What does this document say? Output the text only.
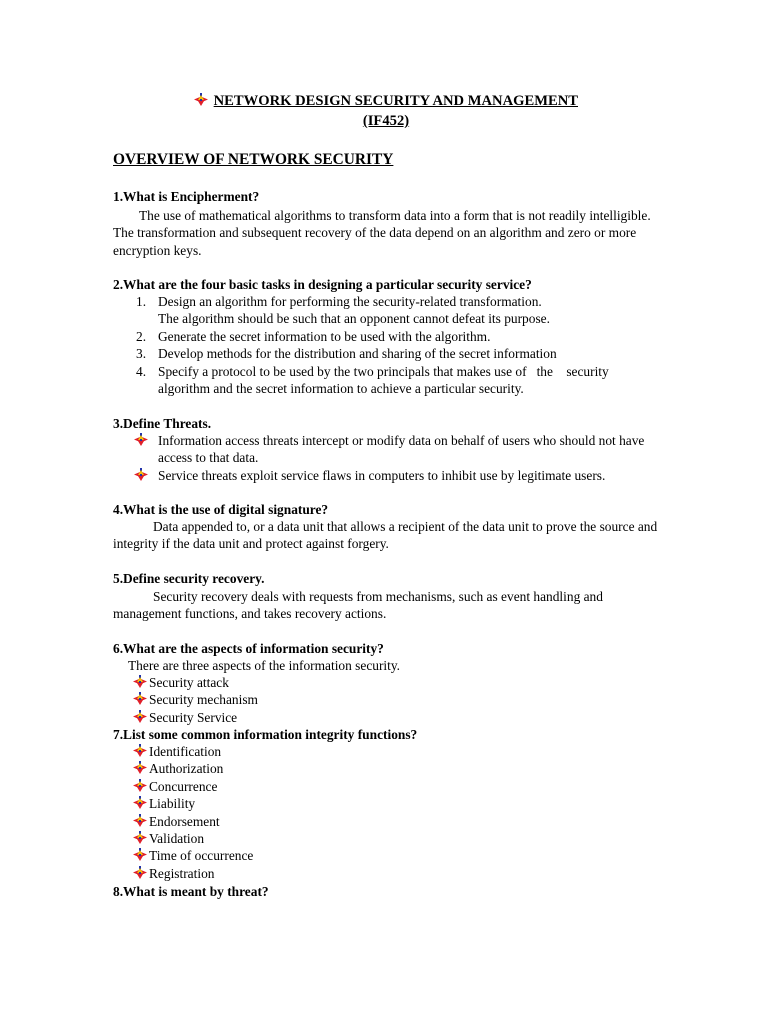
NETWORK DESIGN SECURITY AND MANAGEMENT
(IF452)
OVERVIEW OF NETWORK SECURITY
1.What is Encipherment?
The use of mathematical algorithms to transform data into a form that is not readily intelligible. The transformation and subsequent recovery of the data depend on an algorithm and zero or more encryption keys.
2.What are the four basic tasks in designing a particular security service?
1. Design an algorithm for performing the security-related transformation.
The algorithm should be such that an opponent cannot defeat its purpose.
2. Generate the secret information to be used with the algorithm.
3. Develop methods for the distribution and sharing of the secret information
4. Specify a protocol to be used by the two principals that makes use of   the    security
algorithm and the secret information to achieve a particular security.
3.Define Threats.
Information access threats intercept or modify data on behalf of users who should not have access to that data.
Service threats exploit service flaws in computers to inhibit use by legitimate users.
4.What is the use of digital signature?
Data appended to, or a data unit that allows a recipient of the data unit to prove the source and integrity if the data unit and protect against forgery.
5.Define security recovery.
Security recovery deals with requests from mechanisms, such as event handling and management functions, and takes recovery actions.
6.What are the aspects of information security?
There are three aspects of the information security.
Security attack
Security mechanism
Security Service
7.List some common information integrity functions?
Identification
Authorization
Concurrence
Liability
Endorsement
Validation
Time of occurrence
Registration
8.What is meant by threat?
